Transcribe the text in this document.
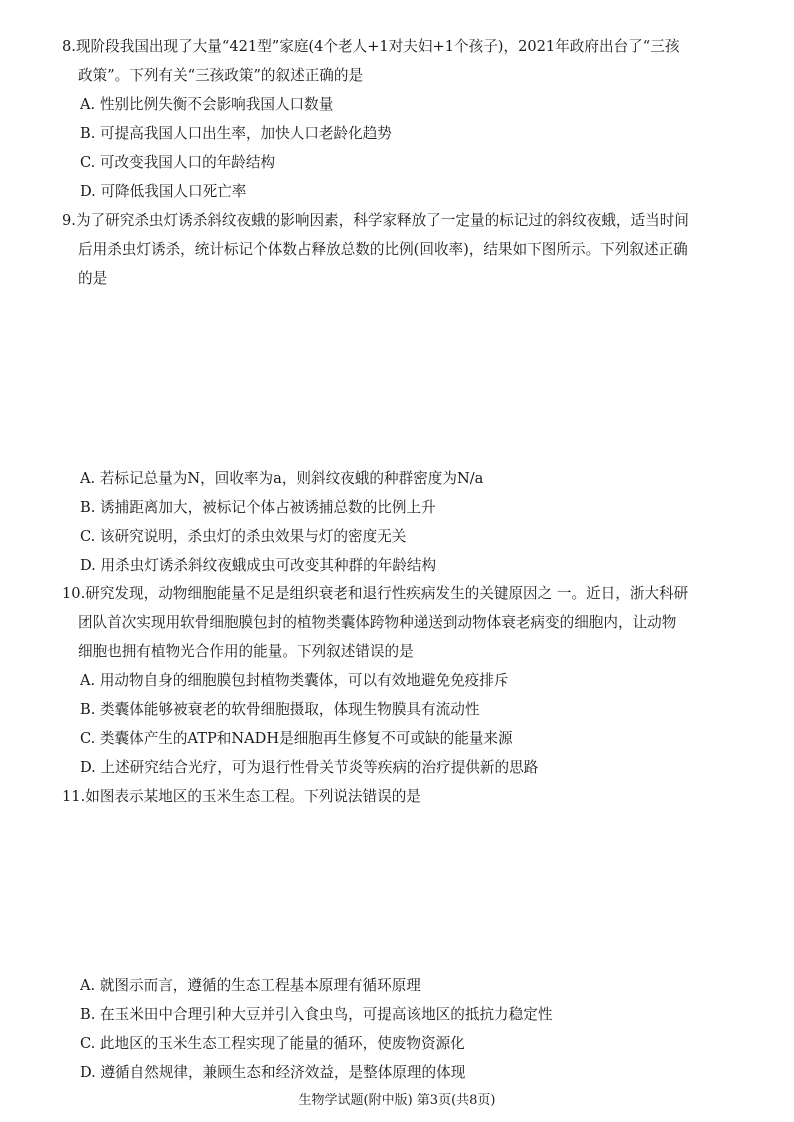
8.现阶段我国出现了大量“421型”家庭(4个老人+1对夫妇+1个孩子)，2021年政府出台了“三孩
政策”。下列有关“三孩政策”的叙述正确的是
A. 性别比例失衡不会影响我国人口数量
B. 可提高我国人口出生率，加快人口老龄化趋势
C. 可改变我国人口的年龄结构
D. 可降低我国人口死亡率
9.为了研究杀虫灯诱杀斜纹夜蛾的影响因素，科学家释放了一定量的标记过的斜纹夜蛾，适当时间
后用杀虫灯诱杀，统计标记个体数占释放总数的比例(回收率)，结果如下图所示。下列叙述正确
的是
A. 若标记总量为N，回收率为a，则斜纹夜蛾的种群密度为N/a
B. 诱捕距离加大，被标记个体占被诱捕总数的比例上升
C. 该研究说明，杀虫灯的杀虫效果与灯的密度无关
D. 用杀虫灯诱杀斜纹夜蛾成虫可改变其种群的年龄结构
10.研究发现，动物细胞能量不足是组织衰老和退行性疾病发生的关键原因之 一。近日，浙大科研
团队首次实现用软骨细胞膜包封的植物类囊体跨物种递送到动物体衰老病变的细胞内，让动物
细胞也拥有植物光合作用的能量。下列叙述错误的是
A. 用动物自身的细胞膜包封植物类囊体，可以有效地避免免疫排斥
B. 类囊体能够被衰老的软骨细胞摄取，体现生物膜具有流动性
C. 类囊体产生的ATP和NADH是细胞再生修复不可或缺的能量来源
D. 上述研究结合光疗，可为退行性骨关节炎等疾病的治疗提供新的思路
11.如图表示某地区的玉米生态工程。下列说法错误的是
A. 就图示而言，遵循的生态工程基本原理有循环原理
B. 在玉米田中合理引种大豆并引入食虫鸟，可提高该地区的抵抗力稳定性
C. 此地区的玉米生态工程实现了能量的循环，使废物资源化
D. 遵循自然规律，兼顾生态和经济效益，是整体原理的体现
生物学试题(附中版) 第3页(共8页)
